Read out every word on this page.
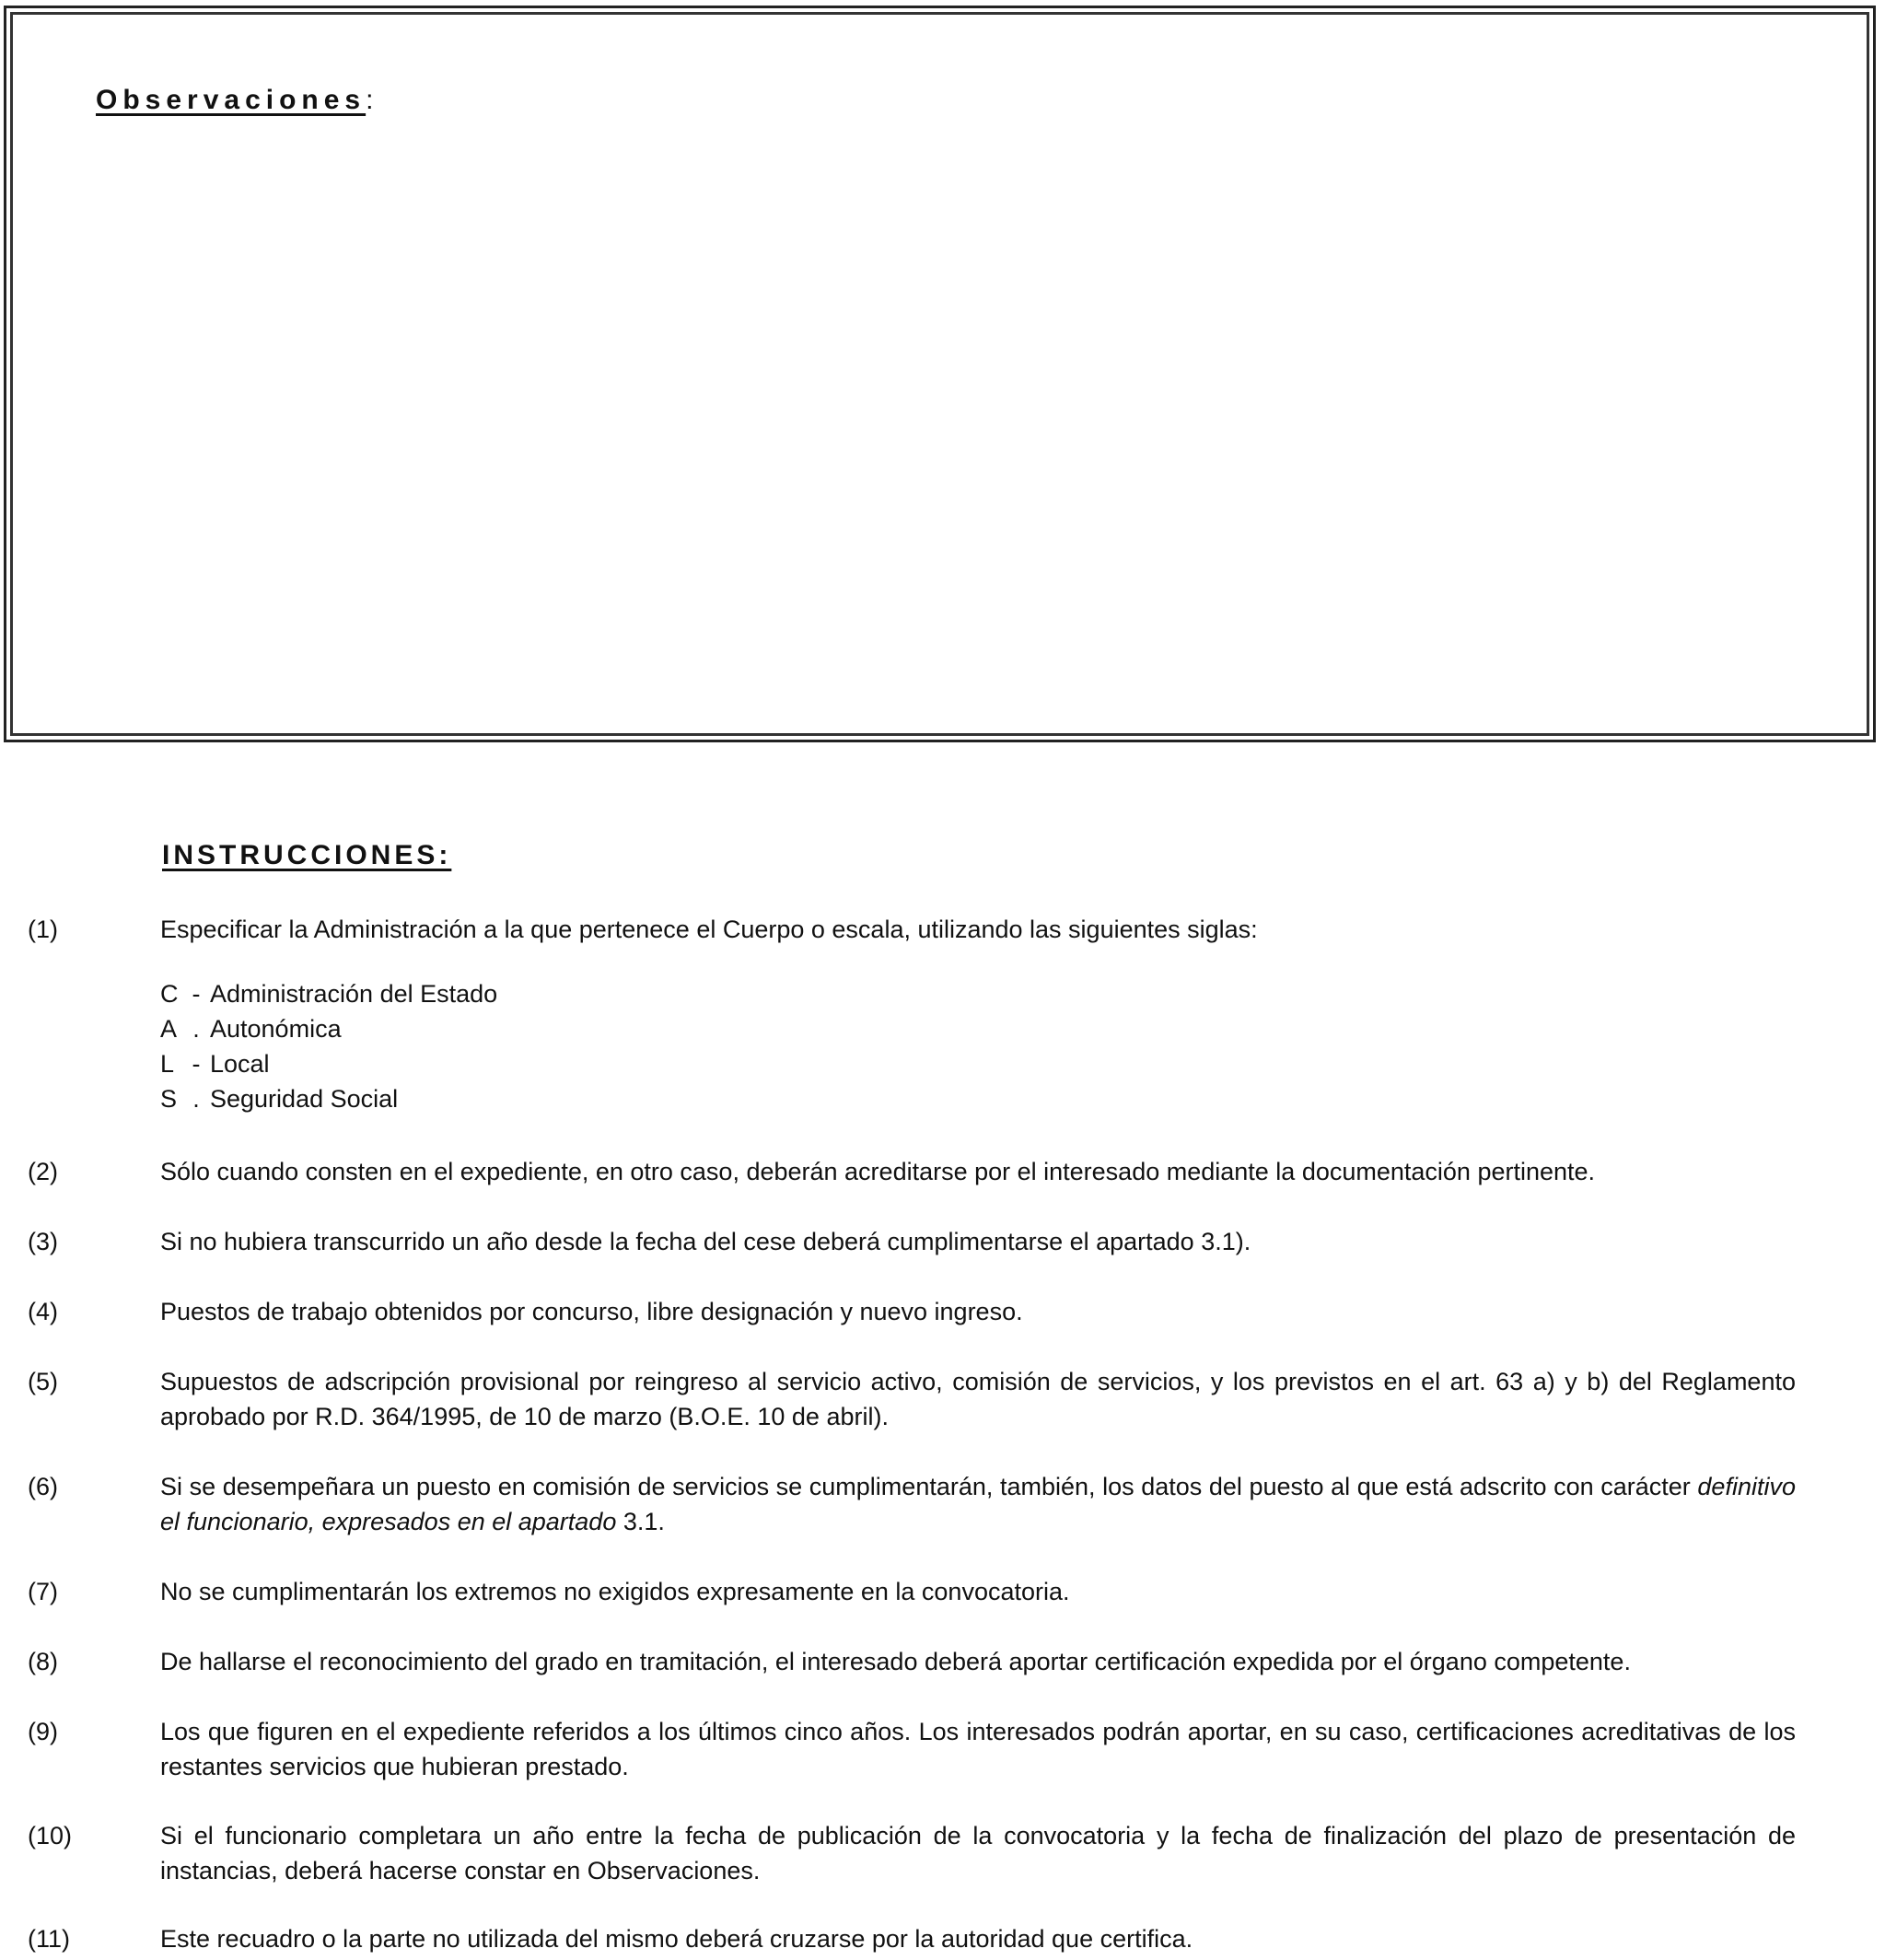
Observaciones:
INSTRUCCIONES:
(1)	Especificar la Administración a la que pertenece el Cuerpo o escala, utilizando las siguientes siglas:
C - Administración del Estado
A . Autonómica
L - Local
S . Seguridad Social
(2)	Sólo cuando consten en el expediente, en otro caso, deberán acreditarse por el interesado mediante la documentación pertinente.
(3)	Si no hubiera transcurrido un año desde la fecha del cese deberá cumplimentarse el apartado 3.1).
(4)	Puestos de trabajo obtenidos por concurso, libre designación y nuevo ingreso.
(5)	Supuestos de adscripción provisional por reingreso al servicio activo, comisión de servicios, y los previstos en el art. 63 a) y b) del Reglamento aprobado por R.D. 364/1995, de 10 de marzo (B.O.E. 10 de abril).
(6)	Si se desempeñara un puesto en comisión de servicios se cumplimentarán, también, los datos del puesto al que está adscrito con carácter definitivo el funcionario, expresados en el apartado 3.1.
(7)	No se cumplimentarán los extremos no exigidos expresamente en la convocatoria.
(8)	De hallarse el reconocimiento del grado en tramitación, el interesado deberá aportar certificación expedida por el órgano competente.
(9)	Los que figuren en el expediente referidos a los últimos cinco años. Los interesados podrán aportar, en su caso, certificaciones acreditativas de los restantes servicios que hubieran prestado.
(10)	Si el funcionario completara un año entre la fecha de publicación de la convocatoria y la fecha de finalización del plazo de presentación de instancias, deberá hacerse constar en Observaciones.
(11)	Este recuadro o la parte no utilizada del mismo deberá cruzarse por la autoridad que certifica.
